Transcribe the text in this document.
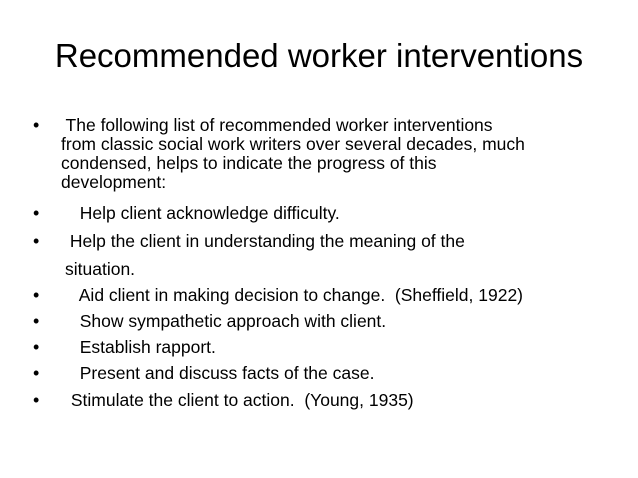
Recommended worker interventions
•	The following list of recommended worker interventions
from classic social work writers over several decades, much
condensed, helps to indicate the progress of this
development:
•	Help client acknowledge difficulty.
•	Help the client in understanding the meaning of the
situation.
•	Aid client in making decision to change.  (Sheffield, 1922)
•	Show sympathetic approach with client.
•	Establish rapport.
•	Present and discuss facts of the case.
•	Stimulate the client to action.  (Young, 1935)
